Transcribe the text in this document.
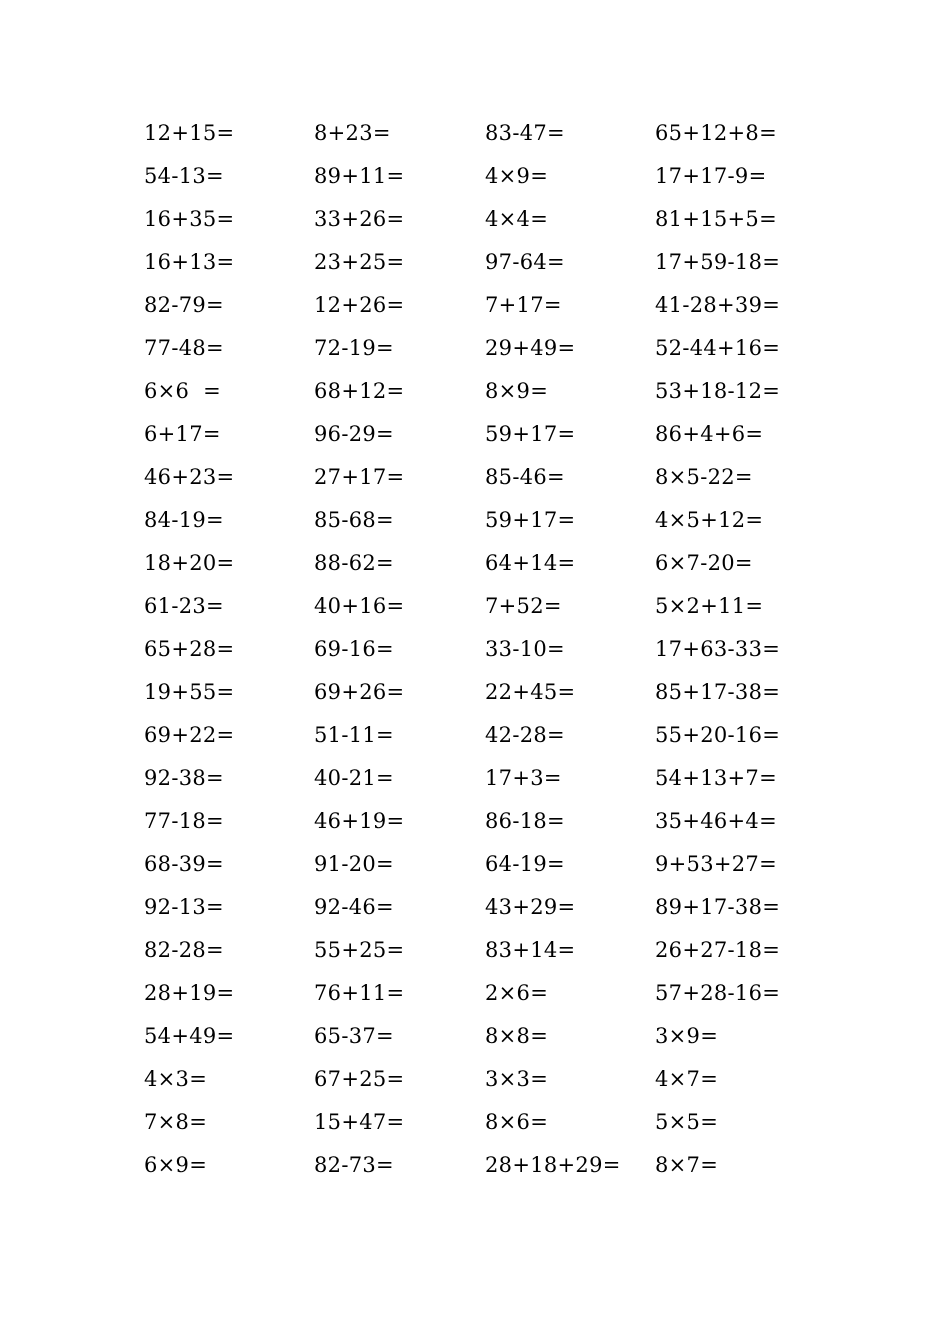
12+15=	8+23=	83-47=	65+12+8=
54-13=	89+11=	4×9=	17+17-9=
16+35=	33+26=	4×4=	81+15+5=
16+13=	23+25=	97-64=	17+59-18=
82-79=	12+26=	7+17=	41-28+39=
77-48=	72-19=	29+49=	52-44+16=
6×6  =	68+12=	8×9=	53+18-12=
6+17=	96-29=	59+17=	86+4+6=
46+23=	27+17=	85-46=	8×5-22=
84-19=	85-68=	59+17=	4×5+12=
18+20=	88-62=	64+14=	6×7-20=
61-23=	40+16=	7+52=	5×2+11=
65+28=	69-16=	33-10=	17+63-33=
19+55=	69+26=	22+45=	85+17-38=
69+22=	51-11=	42-28=	55+20-16=
92-38=	40-21=	17+3=	54+13+7=
77-18=	46+19=	86-18=	35+46+4=
68-39=	91-20=	64-19=	9+53+27=
92-13=	92-46=	43+29=	89+17-38=
82-28=	55+25=	83+14=	26+27-18=
28+19=	76+11=	2×6=	57+28-16=
54+49=	65-37=	8×8=	3×9=
4×3=	67+25=	3×3=	4×7=
7×8=	15+47=	8×6=	5×5=
6×9=	82-73=	28+18+29= 8×7=
